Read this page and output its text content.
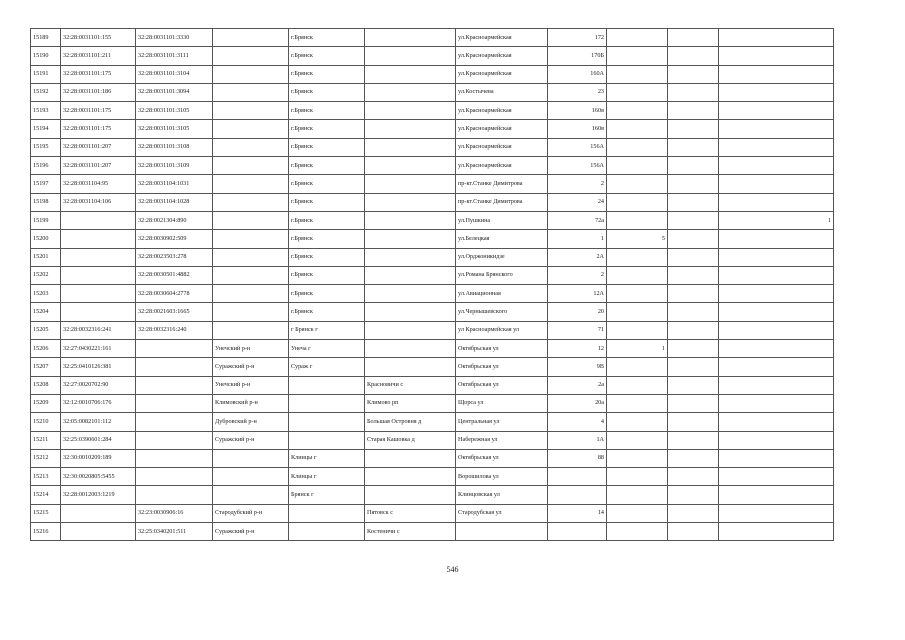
15189	32:28:0031101:155	32:28:0031101:3330		г.Брянск		ул.Красноармейская	172			
15190	32:28:0031101:211	32:28:0031101:3111		г.Брянск		ул.Красноармейская	170Б			
15191	32:28:0031101:175	32:28:0031101:3104		г.Брянск		ул.Красноармейская	160А			
15192	32:28:0031101:186	32:28:0031101:3094		г.Брянск		ул.Костычева	23			
15193	32:28:0031101:175	32:28:0031101:3105		г.Брянск		ул.Красноармейская	160в			
15194	32:28:0031101:175	32:28:0031101:3105		г.Брянск		ул.Красноармейская	160в			
15195	32:28:0031101:207	32:28:0031101:3108		г.Брянск		ул.Красноармейская	156А			
15196	32:28:0031101:207	32:28:0031101:3109		г.Брянск		ул.Красноармейская	156А			
15197	32:28:0031104:95	32:28:0031104:1031		г.Брянск		пр-кт.Станке Димитрова	2			
15198	32:28:0031104:106	32:28:0031104:1028		г.Брянск		пр-кт.Станке Димитрова	24			
15199		32:28:0021304:890		г.Брянск		ул.Пушкина	72а			1
15200		32:28:0030902:509		г.Брянск		ул.Белецкая	1	5		
15201		32:28:0023503:278		г.Брянск		ул.Орджоникидзе	2А			
15202		32:28:0030501:4882		г.Брянск		ул.Романа Брянского	2			
15203		32:28:0030604:2778		г.Брянск		ул.Авиационная	12А			
15204		32:28:0021603:1665		г.Брянск		ул.Чернышевского	20			
15205	32:28:0032316:241	32:28:0032316:240		г Брянск г		ул Красноармейская ул	71			
15206	32:27:0430221:161		Унечский р-н	Унеча г		Октябрьская ул	12	1		
15207	32:25:0410126:381		Суражский р-н	Сураж г		Октябрьская ул	9В			
15208	32:27:0020702:90		Унечский р-н		Красновичи с	Октябрьская ул	2а			
15209	32:12:0010706:176		Климовский р-н		Климово рп	Щорса ул	20а			
15210	32:05:0082101:112		Дубровский р-н		Большая Островня д	Центральная ул	4			
15211	32:25:0390601:284		Суражский р-н		Старая Кашовка д	Набережная ул	1А			
15212	32:30:0010209:189			Клинцы г		Октябрьская ул	88			
15213	32:30:0020805:5455			Клинцы г		Ворошилова ул				
15214	32:28:0012003:1219			Брянск г		Клинцовская ул				
15215		32:23:0030906:16	Стародубский р-н		Пятовск с	Стародубская ул	14			
15216		32:25:0340201:511	Суражский р-н		Костеничи с					
546
